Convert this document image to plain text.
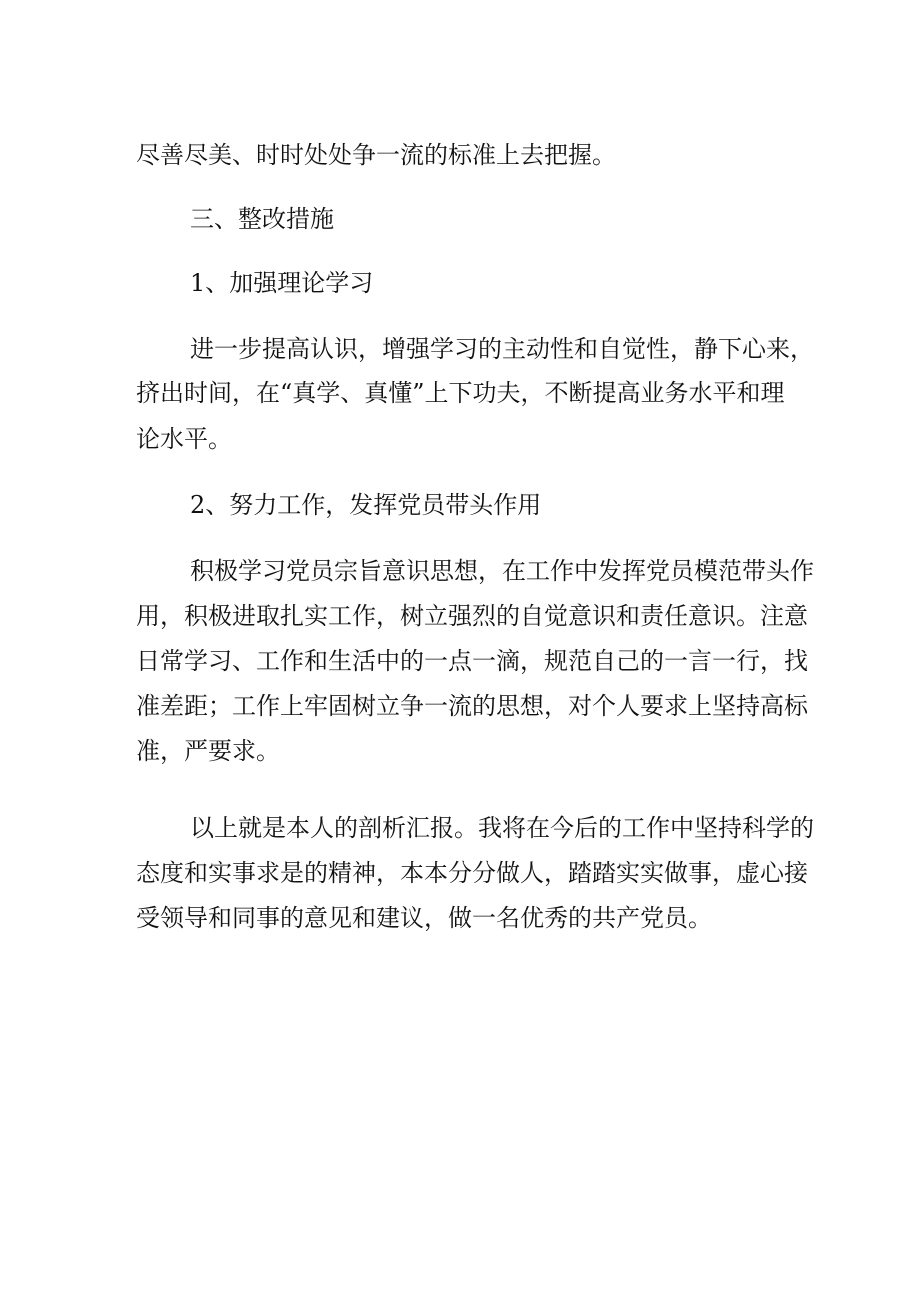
尽善尽美、时时处处争一流的标准上去把握。
三、整改措施
1、加强理论学习
进一步提高认识，增强学习的主动性和自觉性，静下心来，
挤出时间，在“真学、真懂”上下功夫，不断提高业务水平和理
论水平。
2、努力工作，发挥党员带头作用
积极学习党员宗旨意识思想，在工作中发挥党员模范带头作
用，积极进取扎实工作，树立强烈的自觉意识和责任意识。注意
日常学习、工作和生活中的一点一滴，规范自己的一言一行，找
准差距；工作上牢固树立争一流的思想，对个人要求上坚持高标
准，严要求。
以上就是本人的剖析汇报。我将在今后的工作中坚持科学的
态度和实事求是的精神，本本分分做人，踏踏实实做事，虚心接
受领导和同事的意见和建议，做一名优秀的共产党员。
